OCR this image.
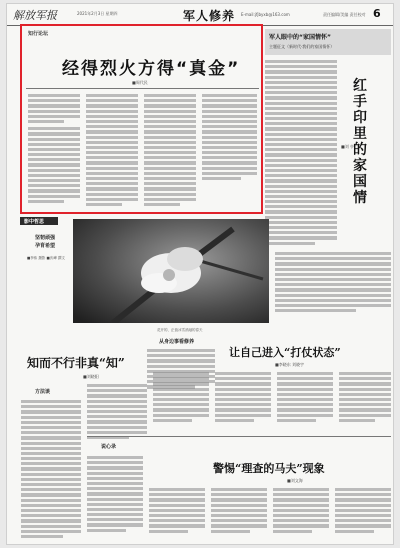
解放军报	2021年2月3日 星期四	军人修养 E-mail:jfjbyxb@163.com	责任编辑/美编 责任校对 6
知行论坛
经得烈火方得“真金”
■周代民
军人眼中的“家国情怀”
主题征文（新时代·我们的家国情怀）
红手印里的家国情
■刘 亭
影中哲思
坚韧顽强
孕育希望
■李伟 摄影 ■庆峰 撰文
花开的、正值冰雪消融的春天
知而不行非真“知”
■刘晓阳
方法谈
从身边事看修养
让自己进入“打仗状态”
■李晓东 刘晓宇
说心录
警惕“理查的马夫”现象
■刘文海
